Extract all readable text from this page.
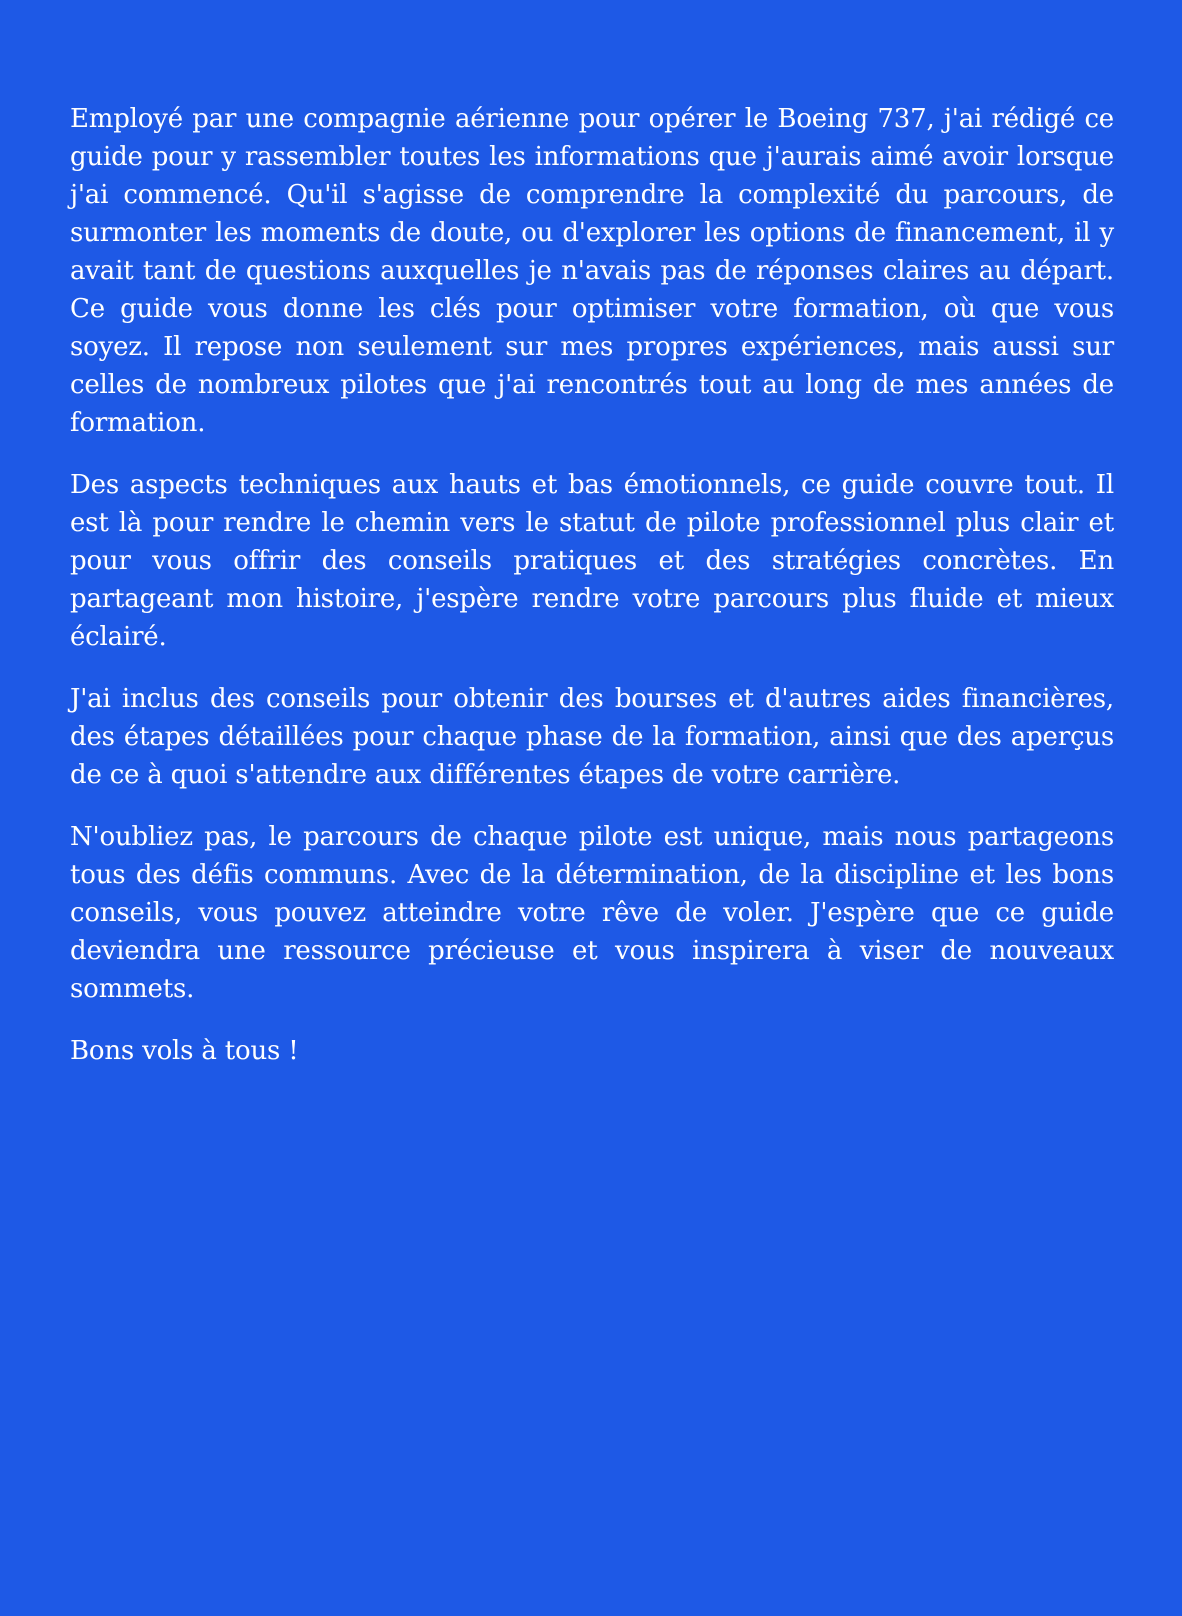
Employé par une compagnie aérienne pour opérer le Boeing 737, j'ai rédigé ce guide pour y rassembler toutes les informations que j'aurais aimé avoir lorsque j'ai commencé. Qu'il s'agisse de comprendre la complexité du parcours, de surmonter les moments de doute, ou d'explorer les options de financement, il y avait tant de questions auxquelles je n'avais pas de réponses claires au départ. Ce guide vous donne les clés pour optimiser votre formation, où que vous soyez. Il repose non seulement sur mes propres expériences, mais aussi sur celles de nombreux pilotes que j'ai rencontrés tout au long de mes années de formation.

Des aspects techniques aux hauts et bas émotionnels, ce guide couvre tout. Il est là pour rendre le chemin vers le statut de pilote professionnel plus clair et pour vous offrir des conseils pratiques et des stratégies concrètes. En partageant mon histoire, j'espère rendre votre parcours plus fluide et mieux éclairé.

J'ai inclus des conseils pour obtenir des bourses et d'autres aides financières, des étapes détaillées pour chaque phase de la formation, ainsi que des aperçus de ce à quoi s'attendre aux différentes étapes de votre carrière.

N'oubliez pas, le parcours de chaque pilote est unique, mais nous partageons tous des défis communs. Avec de la détermination, de la discipline et les bons conseils, vous pouvez atteindre votre rêve de voler. J'espère que ce guide deviendra une ressource précieuse et vous inspirera à viser de nouveaux sommets.

Bons vols à tous !
